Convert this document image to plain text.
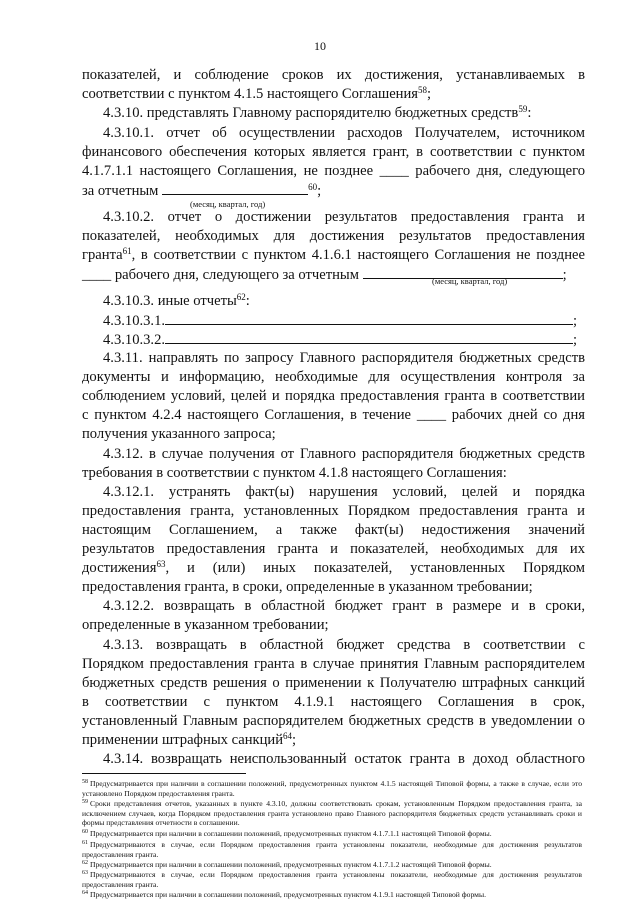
10
показателей, и соблюдение сроков их достижения, устанавливаемых в
соответствии с пунктом 4.1.5 настоящего Соглашения$^{58}$;
4.3.10. представлять Главному распорядителю бюджетных средств$^{59}$:
4.3.10.1. отчет об осуществлении расходов Получателем, источником
финансового обеспечения которых является грант, в соответствии с пунктом
4.1.7.1.1 настоящего Соглашения, не позднее ____ рабочего дня, следующего
за отчетным	$^{60}$;
(месяц, квартал, год)
4.3.10.2. отчет о достижении результатов предоставления гранта и
показателей, необходимых для достижения результатов предоставления
гранта$^{61}$, в соответствии с пунктом 4.1.6.1 настоящего Соглашения не позднее
____ рабочего дня, следующего за отчетным	;
(месяц, квартал, год)
4.3.10.3. иные отчеты$^{62}$:
4.3.10.3.1.	;
4.3.10.3.2.	;
4.3.11. направлять по запросу Главного распорядителя бюджетных средств
документы и информацию, необходимые для осуществления контроля за
соблюдением условий, целей и порядка предоставления гранта в соответствии
с пунктом 4.2.4 настоящего Соглашения, в течение ____ рабочих дней со дня
получения указанного запроса;
4.3.12. в случае получения от Главного распорядителя бюджетных средств
требования в соответствии с пунктом 4.1.8 настоящего Соглашения:
4.3.12.1. устранять факт(ы) нарушения условий, целей и порядка
предоставления гранта, установленных Порядком предоставления гранта и
настоящим Соглашением, а также факт(ы) недостижения значений
результатов предоставления гранта и показателей, необходимых для их
достижения$^{63}$, и (или) иных показателей, установленных Порядком
предоставления гранта, в сроки, определенные в указанном требовании;
4.3.12.2. возвращать в областной бюджет грант в размере и в сроки,
определенные в указанном требовании;
4.3.13. возвращать в областной бюджет средства в соответствии с
Порядком предоставления гранта в случае принятия Главным распорядителем
бюджетных средств решения о применении к Получателю штрафных санкций
в соответствии с пунктом 4.1.9.1 настоящего Соглашения в срок,
установленный Главным распорядителем бюджетных средств в уведомлении о
применении штрафных санкций$^{64}$;
4.3.14. возвращать неиспользованный остаток гранта в доход областного
$^{58}$ Предусматривается при наличии в соглашении положений, предусмотренных пунктом 4.1.5 настоящей Типовой формы, а также в случае, если это установлено Порядком предоставления гранта.
$^{59}$ Сроки представления отчетов, указанных в пункте 4.3.10, должны соответствовать срокам, установленным Порядком предоставления гранта, за исключением случаев, когда Порядком предоставления гранта установлено право Главного распорядителя бюджетных средств устанавливать сроки и формы представления отчетности в соглашении.
$^{60}$ Предусматривается при наличии в соглашении положений, предусмотренных пунктом 4.1.7.1.1 настоящей Типовой формы.
$^{61}$ Предусматриваются в случае, если Порядком предоставления гранта установлены показатели, необходимые для достижения результатов предоставления гранта.
$^{62}$ Предусматривается при наличии в соглашении положений, предусмотренных пунктом 4.1.7.1.2 настоящей Типовой формы.
$^{63}$ Предусматриваются в случае, если Порядком предоставления гранта установлены показатели, необходимые для достижения результатов предоставления гранта.
$^{64}$ Предусматривается при наличии в соглашении положений, предусмотренных пунктом 4.1.9.1 настоящей Типовой формы.
